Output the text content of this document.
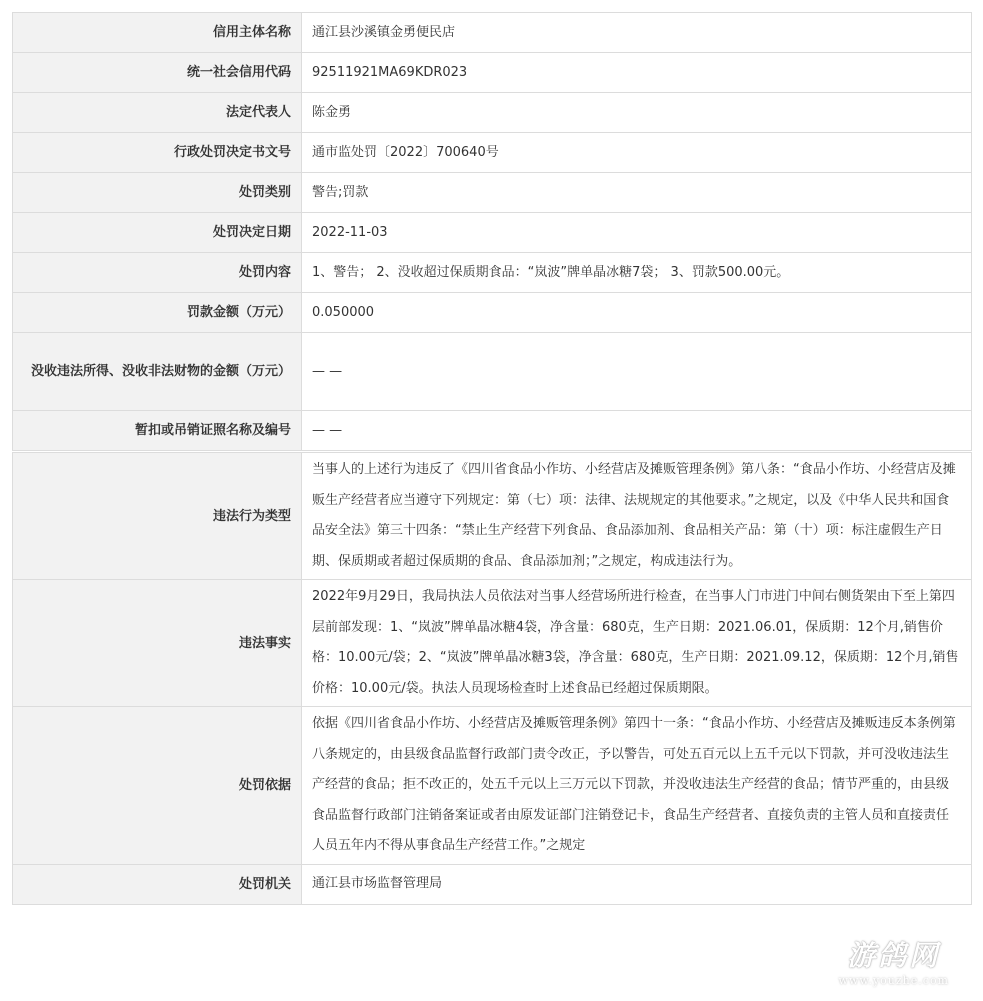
信用主体名称	通江县沙溪镇金勇便民店
统一社会信用代码	92511921MA69KDR023
法定代表人	陈金勇
行政处罚决定书文号	通市监处罚〔2022〕700640号
处罚类别	警告;罚款
处罚决定日期	2022-11-03
处罚内容	1、警告； 2、没收超过保质期食品：“岚波”牌单晶冰糖7袋； 3、罚款500.00元。
罚款金额（万元）	0.050000
没收违法所得、没收非法财物的金额（万元）	— —
暂扣或吊销证照名称及编号	— —
违法行为类型	当事人的上述行为违反了《四川省食品小作坊、小经营店及摊贩管理条例》第八条：“食品小作坊、小经营店及摊贩生产经营者应当遵守下列规定：第（七）项：法律、法规规定的其他要求。”之规定，以及《中华人民共和国食品安全法》第三十四条：“禁止生产经营下列食品、食品添加剂、食品相关产品：第（十）项：标注虚假生产日期、保质期或者超过保质期的食品、食品添加剂；”之规定，构成违法行为。
违法事实	2022年9月29日，我局执法人员依法对当事人经营场所进行检查，在当事人门市进门中间右侧货架由下至上第四层前部发现：1、“岚波”牌单晶冰糖4袋，净含量：680克，生产日期：2021.06.01，保质期：12个月,销售价格：10.00元/袋；2、“岚波”牌单晶冰糖3袋，净含量：680克，生产日期：2021.09.12，保质期：12个月,销售价格：10.00元/袋。执法人员现场检查时上述食品已经超过保质期限。
处罚依据	依据《四川省食品小作坊、小经营店及摊贩管理条例》第四十一条：“食品小作坊、小经营店及摊贩违反本条例第八条规定的，由县级食品监督行政部门责令改正，予以警告，可处五百元以上五千元以下罚款，并可没收违法生产经营的食品；拒不改正的，处五千元以上三万元以下罚款，并没收违法生产经营的食品；情节严重的，由县级食品监督行政部门注销备案证或者由原发证部门注销登记卡，食品生产经营者、直接负责的主管人员和直接责任人员五年内不得从事食品生产经营工作。”之规定
处罚机关	通江县市场监督管理局
游鸽网
www.youzhe.com
